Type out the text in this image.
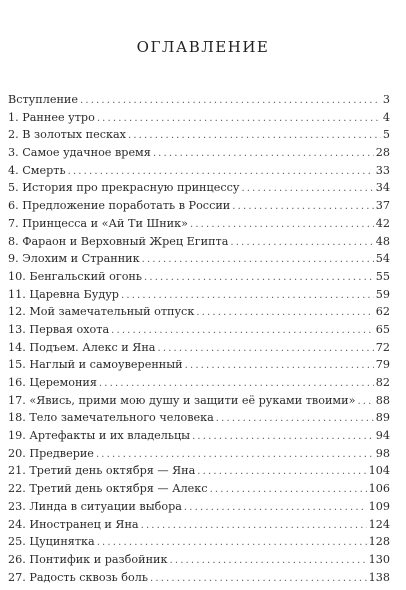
ОГЛАВЛЕНИЕ
Вступление . . .	3
1. Раннее утро . . .	4
2. В золотых песках . . .	5
3. Самое удачное время . . .	28
4. Смерть . . .	33
5. История про прекрасную принцессу . . .	34
6. Предложение поработать в России . . .	37
7. Принцесса и «Ай Ти Шник» . . .	42
8. Фараон и Верховный Жрец Египта . . .	48
9. Элохим и Странник . . .	54
10. Бенгальский огонь . . .	55
11. Царевна Будур . . .	59
12. Мой замечательный отпуск . . .	62
13. Первая охота . . .	65
14. Подъем. Алекс и Яна . . .	72
15. Наглый и самоуверенный . . .	79
16. Церемония . . .	82
17. «Явись, прими мою душу и защити её руками твоими» . . . 88
18. Тело замечательного человека . . .	89
19. Артефакты и их владельцы . . .	94
20. Предверие . . .	98
21. Третий день октября — Яна . . .	104
22. Третий день октября — Алекс . . .	106
23. Линда в ситуации выбора . . .	109
24. Иностранец и Яна . . .	124
25. Цуцинятка . . .	128
26. Понтифик и разбойник . . .	130
27. Радость сквозь боль . . .	138
